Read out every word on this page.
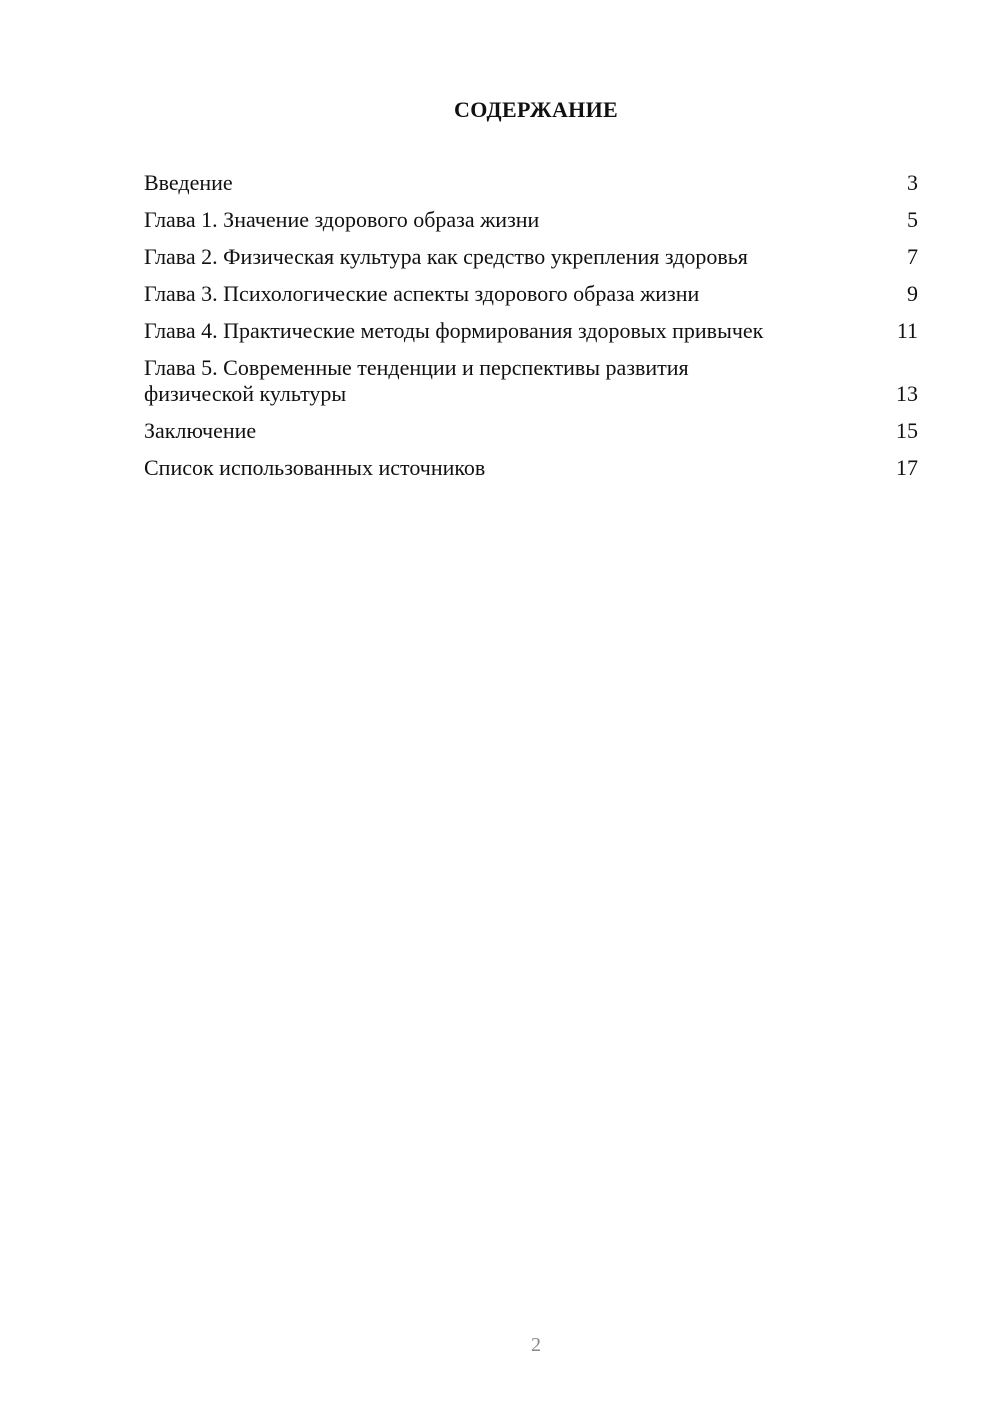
СОДЕРЖАНИЕ
Введение	3
Глава 1. Значение здорового образа жизни	5
Глава 2. Физическая культура как средство укрепления здоровья	7
Глава 3. Психологические аспекты здорового образа жизни	9
Глава 4. Практические методы формирования здоровых привычек	11
Глава 5. Современные тенденции и перспективы развития физической культуры	13
Заключение	15
Список использованных источников	17
2
